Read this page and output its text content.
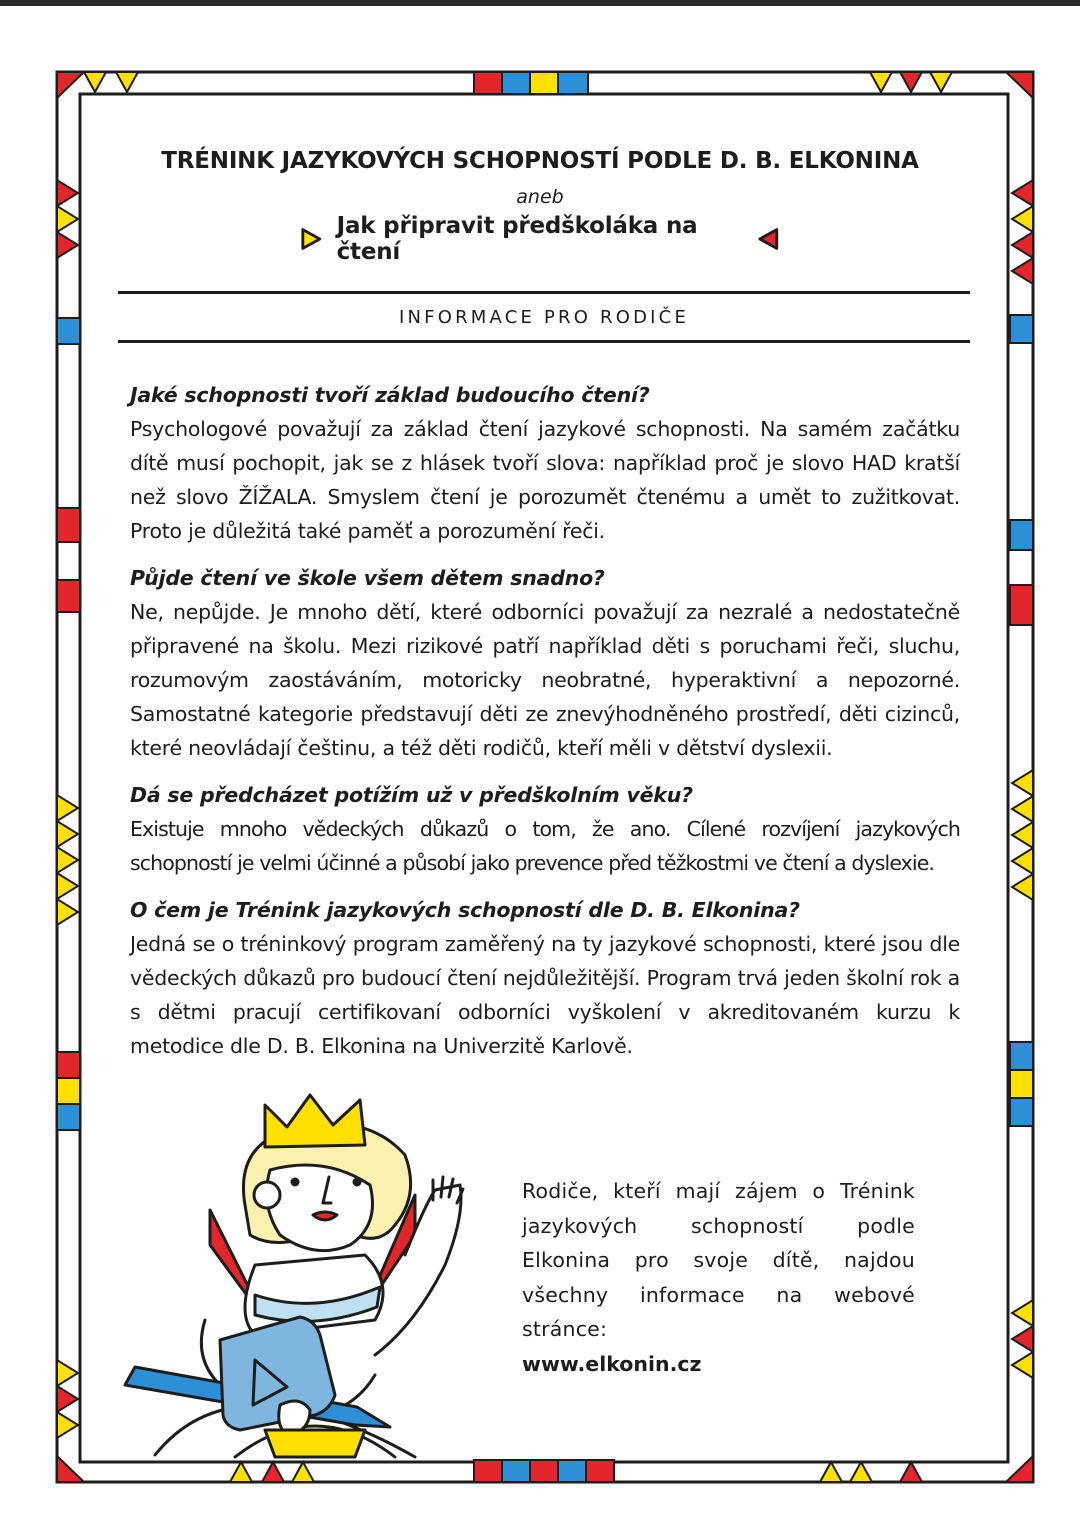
TRÉNINK JAZYKOVÝCH SCHOPNOSTÍ PODLE D. B. ELKONINA
aneb
Jak připravit předškoláka na čtení
INFORMACE PRO RODIČE
Jaké schopnosti tvoří základ budoucího čtení?

Psychologové považují za základ čtení jazykové schopnosti. Na samém začátku dítě musí pochopit, jak se z hlásek tvoří slova: například proč je slovo HAD kratší než slovo ŽÍŽALA. Smyslem čtení je porozumět čtenému a umět to zužitkovat. Proto je důležitá také paměť a porozumění řeči.

Půjde čtení ve škole všem dětem snadno?

Ne, nepůjde. Je mnoho dětí, které odborníci považují za nezralé a nedostatečně připravené na školu. Mezi rizikové patří například děti s poruchami řeči, sluchu, rozumovým zaostáváním, motoricky neobratné, hyperaktivní a nepozorné. Samostatné kategorie představují děti ze znevýhodněného prostředí, děti cizinců, které neovládají češtinu, a též děti rodičů, kteří měli v dětství dyslexii.

Dá se předcházet potížím už v předškolním věku?

Existuje mnoho vědeckých důkazů o tom, že ano. Cílené rozvíjení jazykových schopností je velmi účinné a působí jako prevence před těžkostmi ve čtení a dyslexie.

O čem je Trénink jazykových schopností dle D. B. Elkonina?

Jedná se o tréninkový program zaměřený na ty jazykové schopnosti, které jsou dle vědeckých důkazů pro budoucí čtení nejdůležitější. Program trvá jeden školní rok a s dětmi pracují certifikovaní odborníci vyškolení v akreditovaném kurzu k metodice dle D. B. Elkonina na Univerzitě Karlově.

Rodiče, kteří mají zájem o Trénink jazykových schopností podle Elkonina pro svoje dítě, najdou všechny informace na webové stránce:
www.elkonin.cz
